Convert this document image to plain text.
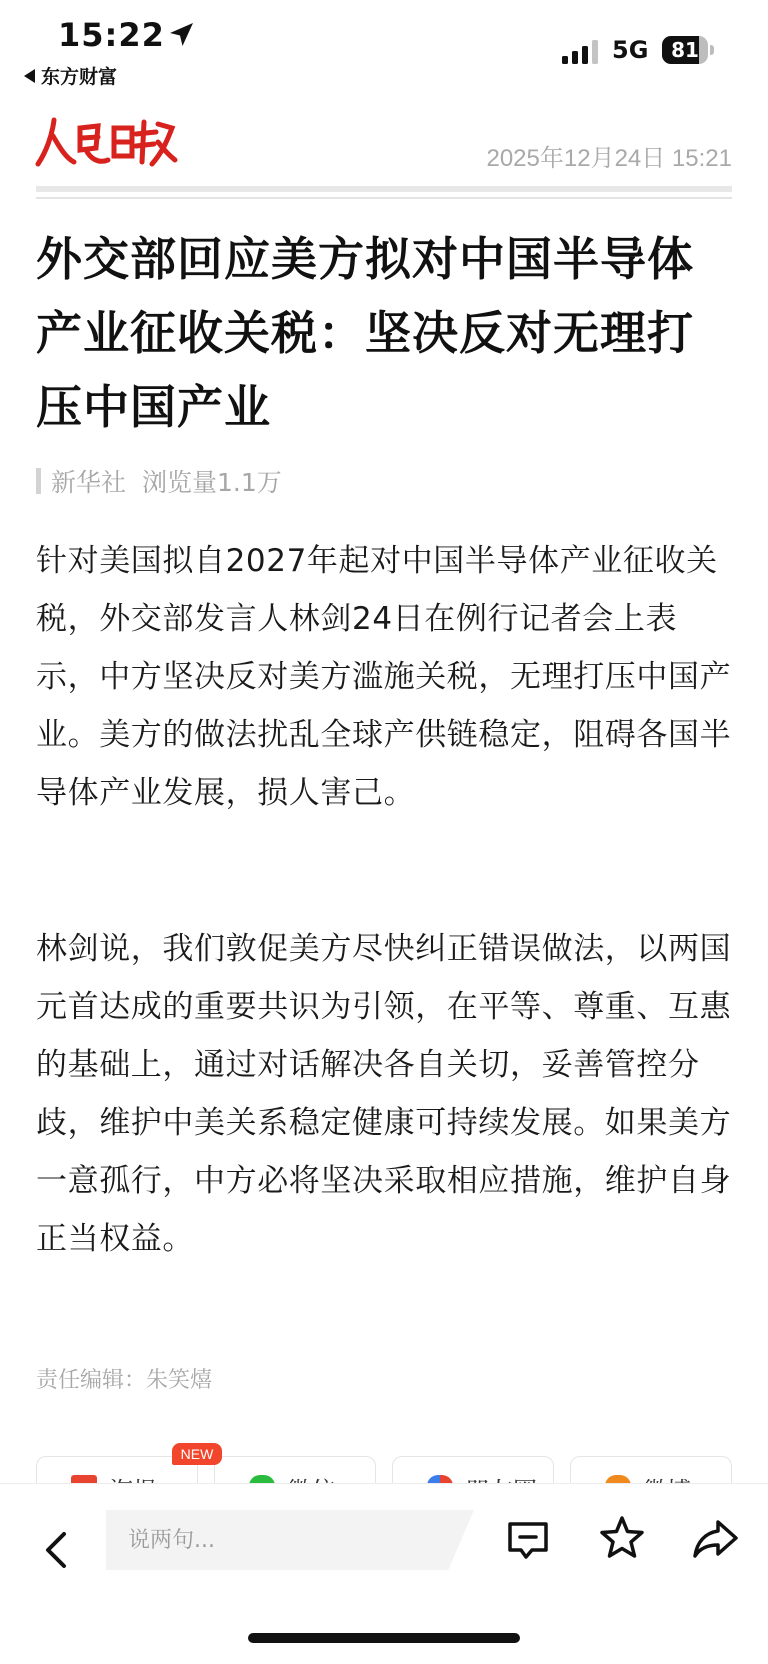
15:22
东方财富
5G	81
2025年12月24日 15:21
外交部回应美方拟对中国半导体产业征收关税：坚决反对无理打压中国产业
新华社 浏览量1.1万

针对美国拟自2027年起对中国半导体产业征收关税，外交部发言人林剑24日在例行记者会上表示，中方坚决反对美方滥施关税，无理打压中国产业。美方的做法扰乱全球产供链稳定，阻碍各国半导体产业发展，损人害己。

林剑说，我们敦促美方尽快纠正错误做法，以两国元首达成的重要共识为引领，在平等、尊重、互惠的基础上，通过对话解决各自关切，妥善管控分歧，维护中美关系稳定健康可持续发展。如果美方一意孤行，中方必将坚决采取相应措施，维护自身正当权益。

责任编辑：朱笑熺
NEW
说两句...
